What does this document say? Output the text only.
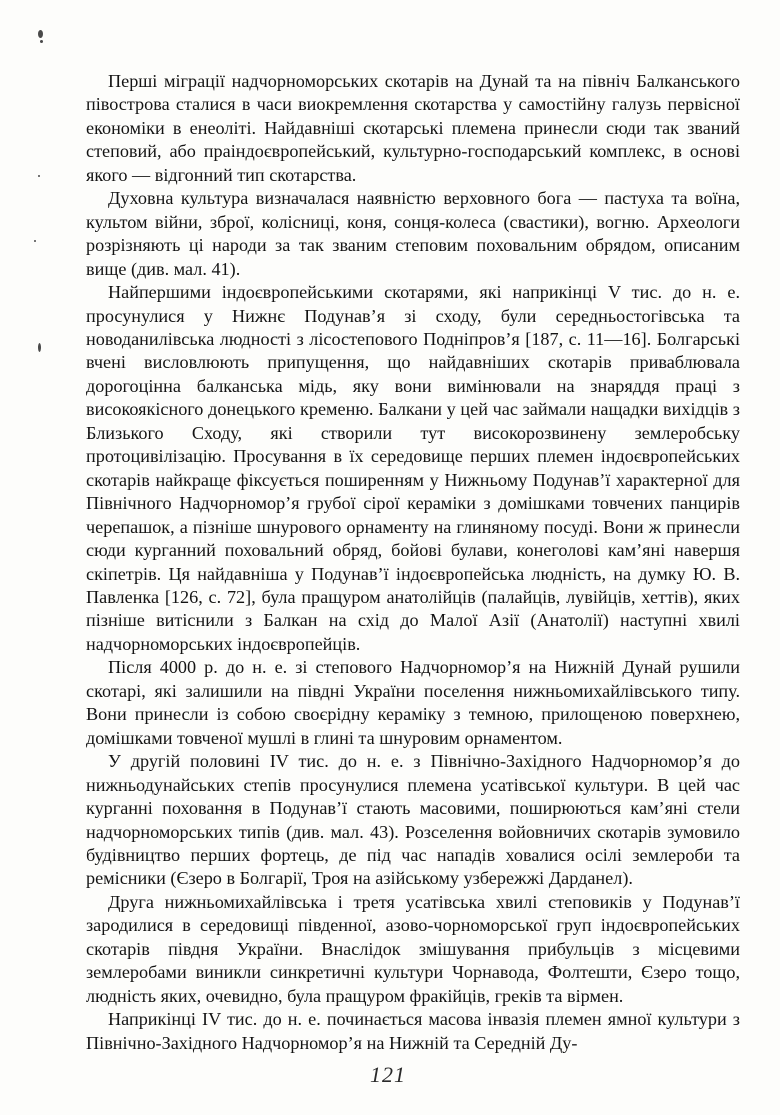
Перші міграції надчорноморських скотарів на Дунай та на північ Балканського півострова сталися в часи виокремлення скотарства у самостійну галузь первісної економіки в енеоліті. Найдавніші скотарські племена принесли сюди так званий степовий, або праіндоєвропейський, культурно-господарський комплекс, в основі якого — відгонний тип скотарства.

Духовна культура визначалася наявністю верховного бога — пастуха та воїна, культом війни, зброї, колісниці, коня, сонця-колеса (свастики), вогню. Археологи розрізняють ці народи за так званим степовим поховальним обрядом, описаним вище (див. мал. 41).

Найпершими індоєвропейськими скотарями, які наприкінці V тис. до н. е. просунулися у Нижнє Подунав’я зі сходу, були середньостогівська та новоданилівська людності з лісостепового Подніпров’я [187, с. 11—16]. Болгарські вчені висловлюють припущення, що найдавніших скотарів приваблювала дорогоцінна балканська мідь, яку вони вимінювали на знаряддя праці з високоякісного донецького кременю. Балкани у цей час займали нащадки вихідців з Близького Сходу, які створили тут високорозвинену землеробську протоцивілізацію. Просування в їх середовище перших племен індоєвропейських скотарів найкраще фіксується поширенням у Нижньому Подунав’ї характерної для Північного Надчорномор’я грубої сірої кераміки з домішками товчених панцирів черепашок, а пізніше шнурового орнаменту на глиняному посуді. Вони ж принесли сюди курганний поховальний обряд, бойові булави, конеголові кам’яні навершя скіпетрів. Ця найдавніша у Подунав’ї індоєвропейська людність, на думку Ю. В. Павленка [126, с. 72], була пращуром анатолійців (палайців, лувійців, хеттів), яких пізніше витіснили з Балкан на схід до Малої Азії (Анатолії) наступні хвилі надчорноморських індоєвропейців.

Після 4000 р. до н. е. зі степового Надчорномор’я на Нижній Дунай рушили скотарі, які залишили на півдні України поселення нижньомихайлівського типу. Вони принесли із собою своєрідну кераміку з темною, прилощеною поверхнею, домішками товченої мушлі в глині та шнуровим орнаментом.

У другій половині IV тис. до н. е. з Північно-Західного Надчорномор’я до нижньодунайських степів просунулися племена усатівської культури. В цей час курганні поховання в Подунав’ї стають масовими, поширюються кам’яні стели надчорноморських типів (див. мал. 43). Розселення войовничих скотарів зумовило будівництво перших фортець, де під час нападів ховалися осілі землероби та ремісники (Єзеро в Болгарії, Троя на азійському узбережжі Дарданел).

Друга нижньомихайлівська і третя усатівська хвилі степовиків у Подунав’ї зародилися в середовищі південної, азово-чорноморської груп індоєвропейських скотарів півдня України. Внаслідок змішування прибульців з місцевими землеробами виникли синкретичні культури Чорнавода, Фолтешти, Єзеро тощо, людність яких, очевидно, була пращуром фракійців, греків та вірмен.

Наприкінці IV тис. до н. е. починається масова інвазія племен ямної культури з Північно-Західного Надчорномор’я на Нижній та Середній Ду-

121
